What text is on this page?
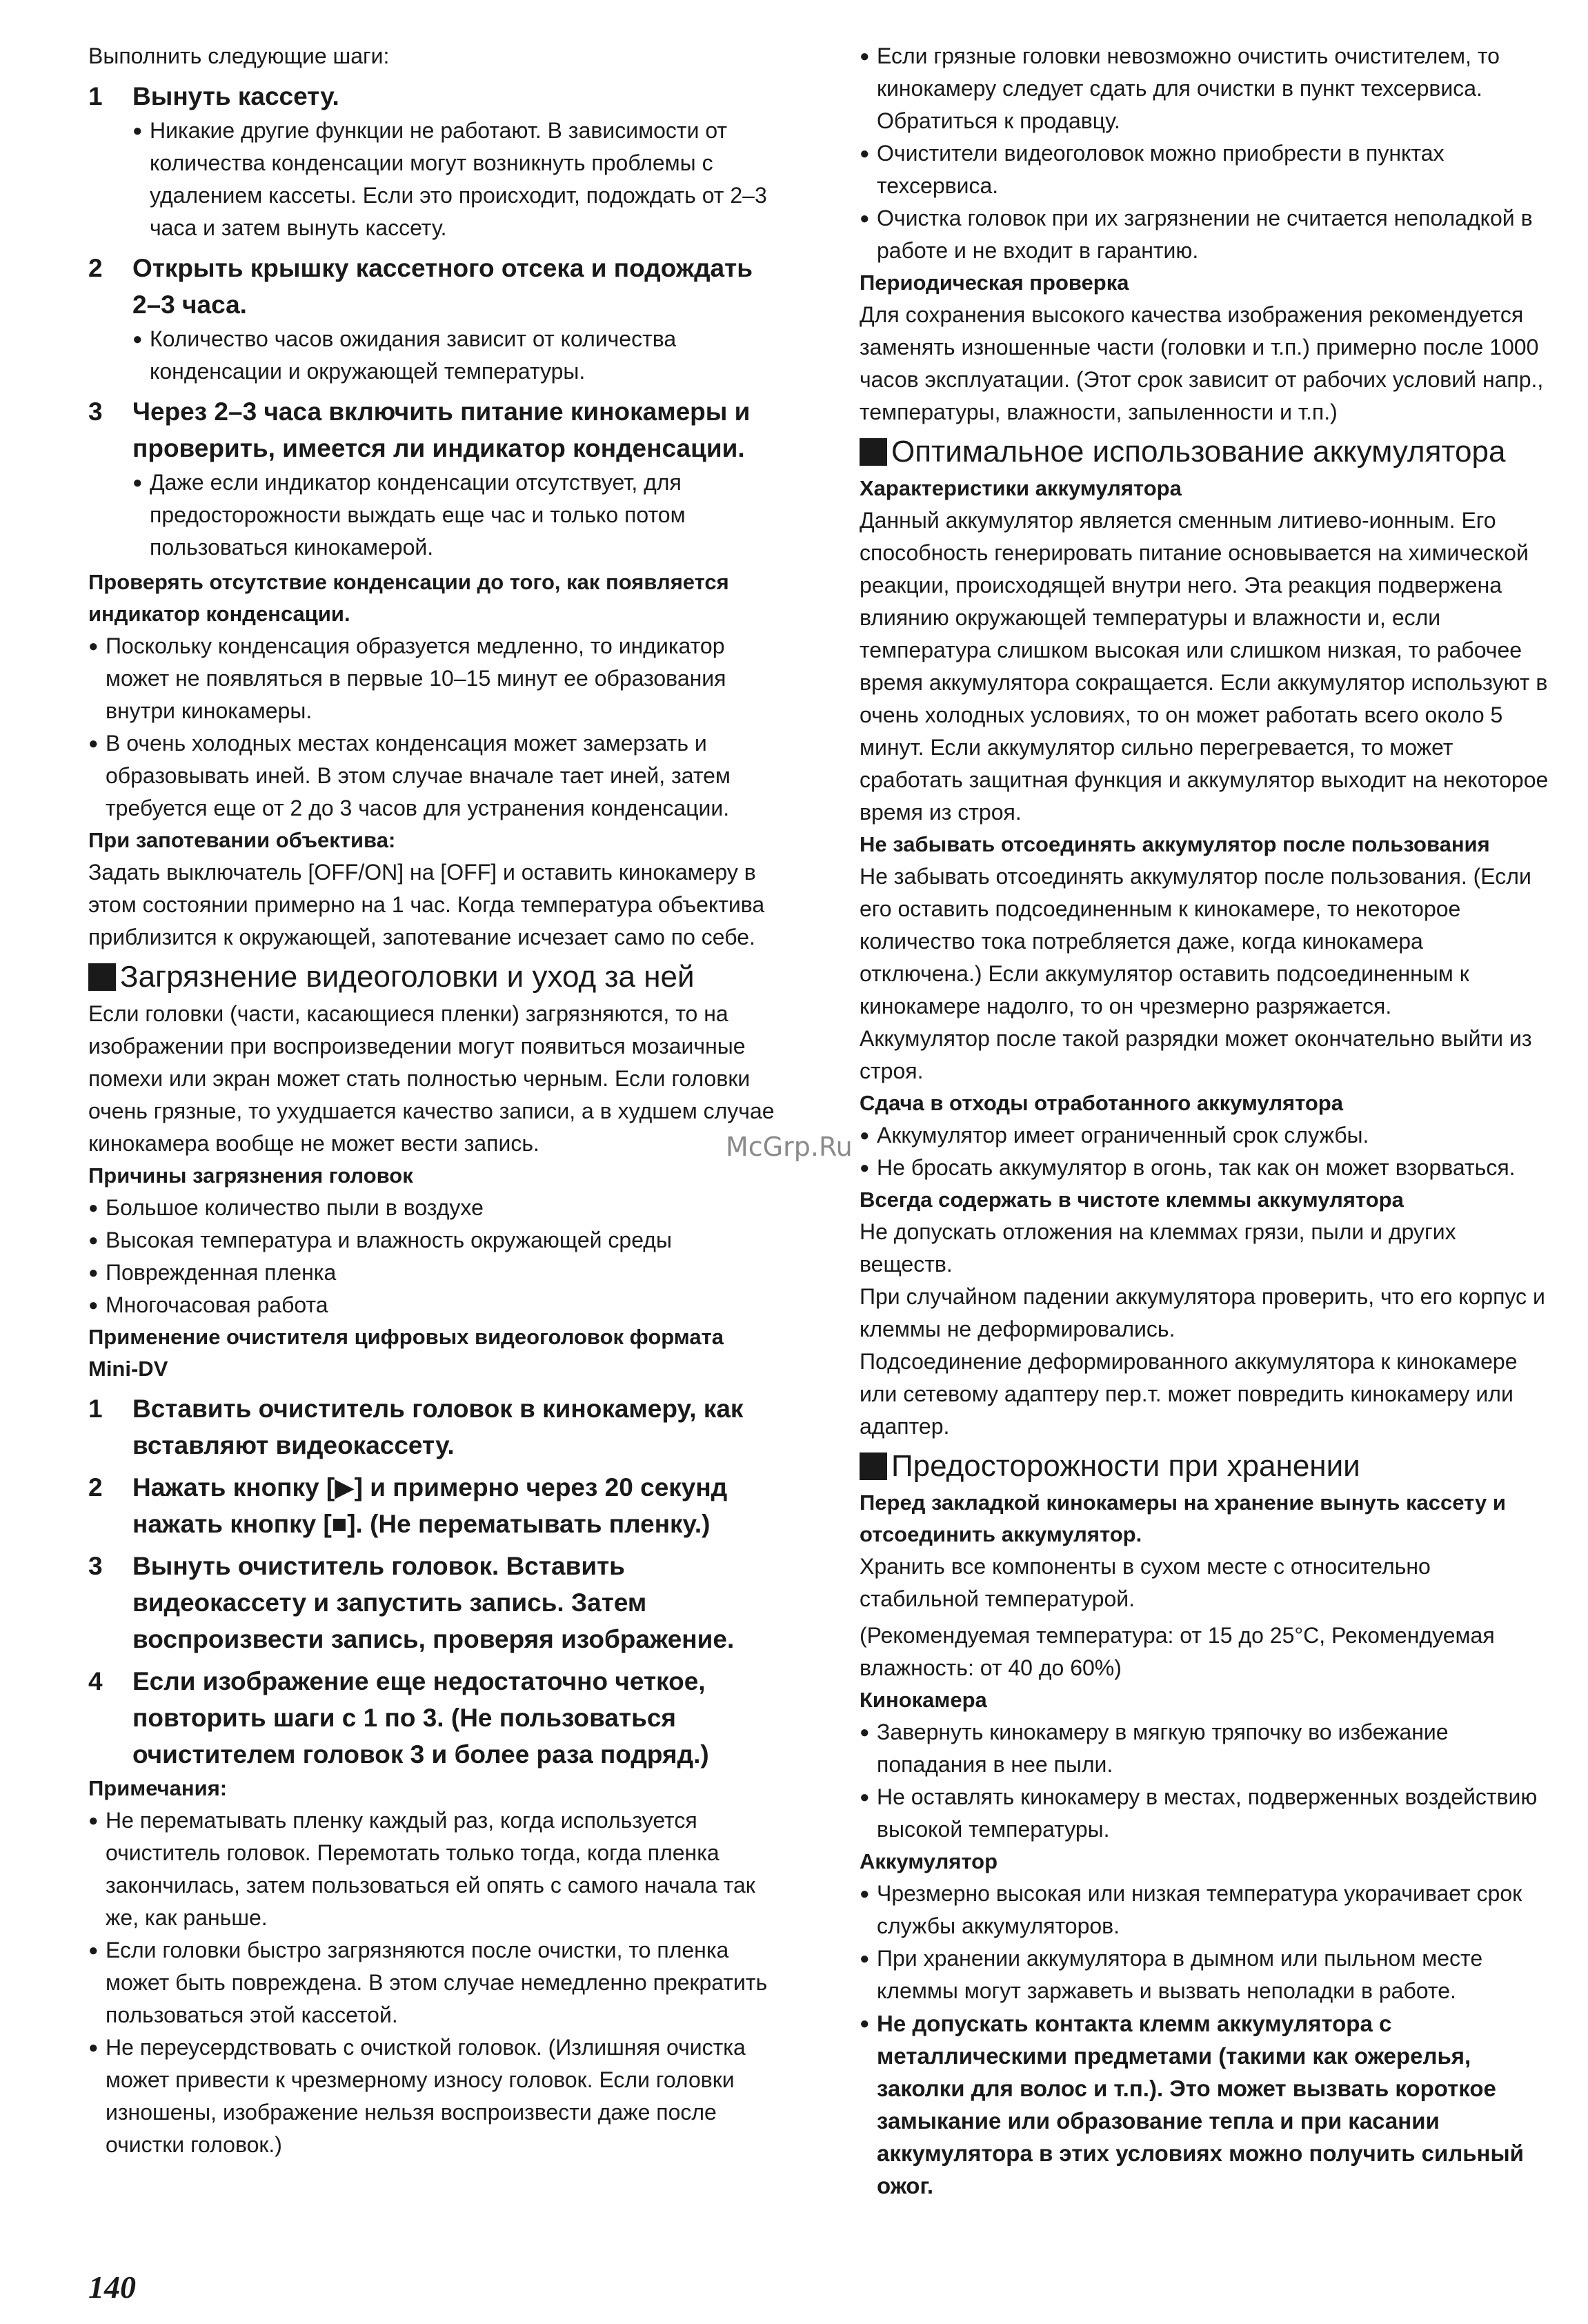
Выполнить следующие шаги:

1	Вынуть кассету.
● Никакие другие функции не работают. В зависимости от количества конденсации могут возникнуть проблемы с удалением кассеты. Если это происходит, подождать от 2–3 часа и затем вынуть кассету.
2	Открыть крышку кассетного отсека и подождать 2–3 часа.
● Количество часов ожидания зависит от количества конденсации и окружающей температуры.
3	Через 2–3 часа включить питание кинокамеры и проверить, имеется ли индикатор конденсации.
● Даже если индикатор конденсации отсутствует, для предосторожности выждать еще час и только потом пользоваться кинокамерой.

Проверять отсутствие конденсации до того, как появляется индикатор конденсации.

● Поскольку конденсация образуется медленно, то индикатор может не появляться в первые 10–15 минут ее образования внутри кинокамеры.
● В очень холодных местах конденсация может замерзать и образовывать иней. В этом случае вначале тает иней, затем требуется еще от 2 до 3 часов для устранения конденсации.

При запотевании объектива:

Задать выключатель [OFF/ON] на [OFF] и оставить кинокамеру в этом состоянии примерно на 1 час. Когда температура объектива приблизится к окружающей, запотевание исчезает само по себе.

Загрязнение видеоголовки и уход за ней

Если головки (части, касающиеся пленки) загрязняются, то на изображении при воспроизведении могут появиться мозаичные помехи или экран может стать полностью черным. Если головки очень грязные, то ухудшается качество записи, а в худшем случае кинокамера вообще не может вести запись.

Причины загрязнения головок

● Большое количество пыли в воздухе
● Высокая температура и влажность окружающей среды
● Поврежденная пленка
● Многочасовая работа

Применение очистителя цифровых видеоголовок формата Mini-DV

1	Вставить очиститель головок в кинокамеру, как вставляют видеокассету.
2	Нажать кнопку [▶] и примерно через 20 секунд нажать кнопку [■]. (Не перематывать пленку.)
3	Вынуть очиститель головок. Вставить видеокассету и запустить запись. Затем воспроизвести запись, проверяя изображение.
4	Если изображение еще недостаточно четкое, повторить шаги с 1 по 3. (Не пользоваться очистителем головок 3 и более раза подряд.)

Примечания:

● Не перематывать пленку каждый раз, когда используется очиститель головок. Перемотать только тогда, когда пленка закончилась, затем пользоваться ей опять с самого начала так же, как раньше.
● Если головки быстро загрязняются после очистки, то пленка может быть повреждена. В этом случае немедленно прекратить пользоваться этой кассетой.
● Не переусердствовать с очисткой головок. (Излишняя очистка может привести к чрезмерному износу головок. Если головки изношены, изображение нельзя воспроизвести даже после очистки головок.)
● Если грязные головки невозможно очистить очистителем, то кинокамеру следует сдать для очистки в пункт техсервиса. Обратиться к продавцу.
● Очистители видеоголовок можно приобрести в пунктах техсервиса.
● Очистка головок при их загрязнении не считается неполадкой в работе и не входит в гарантию.

Периодическая проверка

Для сохранения высокого качества изображения рекомендуется заменять изношенные части (головки и т.п.) примерно после 1000 часов эксплуатации. (Этот срок зависит от рабочих условий напр., температуры, влажности, запыленности и т.п.)

Оптимальное использование аккумулятора

Характеристики аккумулятора

Данный аккумулятор является сменным литиево-ионным. Его способность генерировать питание основывается на химической реакции, происходящей внутри него. Эта реакция подвержена влиянию окружающей температуры и влажности и, если температура слишком высокая или слишком низкая, то рабочее время аккумулятора сокращается. Если аккумулятор используют в очень холодных условиях, то он может работать всего около 5 минут. Если аккумулятор сильно перегревается, то может сработать защитная функция и аккумулятор выходит на некоторое время из строя.

Не забывать отсоединять аккумулятор после пользования

Не забывать отсоединять аккумулятор после пользования. (Если его оставить подсоединенным к кинокамере, то некоторое количество тока потребляется даже, когда кинокамера отключена.) Если аккумулятор оставить подсоединенным к кинокамере надолго, то он чрезмерно разряжается.

Аккумулятор после такой разрядки может окончательно выйти из строя.

Сдача в отходы отработанного аккумулятора

● Аккумулятор имеет ограниченный срок службы.
● Не бросать аккумулятор в огонь, так как он может взорваться.

Всегда содержать в чистоте клеммы аккумулятора

Не допускать отложения на клеммах грязи, пыли и других веществ.

При случайном падении аккумулятора проверить, что его корпус и клеммы не деформировались.

Подсоединение деформированного аккумулятора к кинокамере или сетевому адаптеру пер.т. может повредить кинокамеру или адаптер.

Предосторожности при хранении

Перед закладкой кинокамеры на хранение вынуть кассету и отсоединить аккумулятор.

Хранить все компоненты в сухом месте с относительно стабильной температурой.

(Рекомендуемая температура: от 15 до 25°C, Рекомендуемая влажность: от 40 до 60%)

Кинокамера

● Завернуть кинокамеру в мягкую тряпочку во избежание попадания в нее пыли.
● Не оставлять кинокамеру в местах, подверженных воздействию высокой температуры.

Аккумулятор

● Чрезмерно высокая или низкая температура укорачивает срок службы аккумуляторов.
● При хранении аккумулятора в дымном или пыльном месте клеммы могут заржаветь и вызвать неполадки в работе.
● Не допускать контакта клемм аккумулятора с металлическими предметами (такими как ожерелья, заколки для волос и т.п.). Это может вызвать короткое замыкание или образование тепла и при касании аккумулятора в этих условиях можно получить сильный ожог.
McGrp.Ru
140
